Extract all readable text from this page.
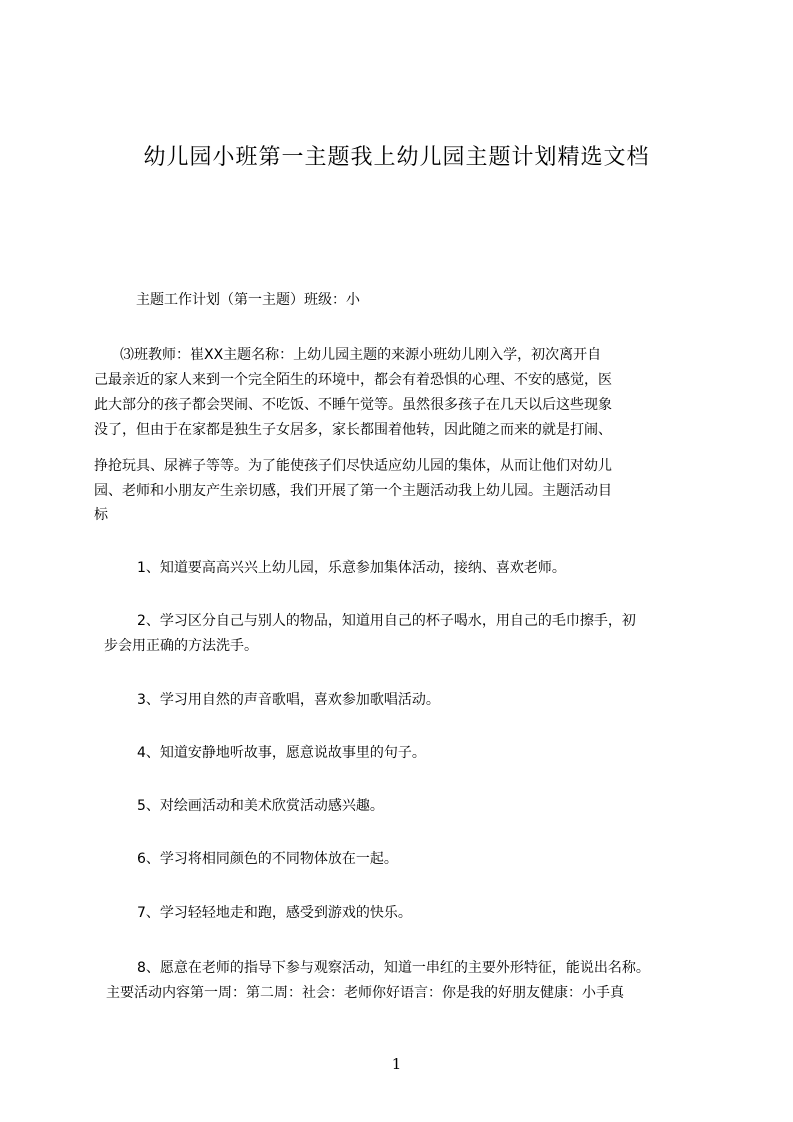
幼儿园小班第一主题我上幼儿园主题计划精选文档

主题工作计划（第一主题）班级：小

⑶班教师：崔XX主题名称：上幼儿园主题的来源小班幼儿刚入学，初次离开自

己最亲近的家人来到一个完全陌生的环境中，都会有着恐惧的心理、不安的感觉，医

此大部分的孩子都会哭闹、不吃饭、不睡午觉等。虽然很多孩子在几天以后这些现象

没了，但由于在家都是独生子女居多，家长都围着他转，因此随之而来的就是打闹、

挣抢玩具、尿裤子等等。为了能使孩子们尽快适应幼儿园的集体，从而让他们对幼儿

园、老师和小朋友产生亲切感，我们开展了第一个主题活动我上幼儿园。主题活动目

标

1、知道要高高兴兴上幼儿园，乐意参加集体活动，接纳、喜欢老师。

2、学习区分自己与别人的物品，知道用自己的杯子喝水，用自己的毛巾擦手，初

步会用正确的方法洗手。

3、学习用自然的声音歌唱，喜欢参加歌唱活动。

4、知道安静地听故事，愿意说故事里的句子。

5、对绘画活动和美术欣赏活动感兴趣。

6、学习将相同颜色的不同物体放在一起。

7、学习轻轻地走和跑，感受到游戏的快乐。

8、愿意在老师的指导下参与观察活动，知道一串红的主要外形特征，能说出名称。

主要活动内容第一周：第二周：社会：老师你好语言：你是我的好朋友健康：小手真

1
